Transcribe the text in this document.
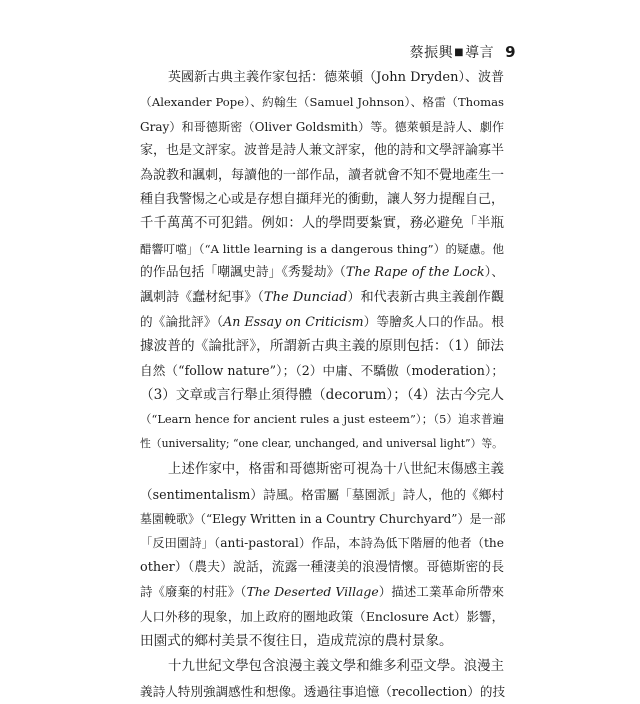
蔡振興■導言 9
英國新古典主義作家包括：德萊頓（John Dryden）、波普
（Alexander Pope）、約翰生（Samuel Johnson）、格雷（Thomas
Gray）和哥德斯密（Oliver Goldsmith）等。德萊頓是詩人、劇作
家，也是文評家。波普是詩人兼文評家，他的詩和文學評論寡半
為說教和諷刺，每讀他的一部作品，讀者就會不知不覺地產生一
種自我警惕之心或是存想自擷拜光的衝動，讓人努力提醒自己，
千千萬萬不可犯錯。例如：人的學問要紮實，務必避免「半瓶
醋響叮噹」（“A little learning is a dangerous thing”）的疑慮。他
的作品包括「嘲諷史詩」《秀髮劫》（The Rape of the Lock）、
諷刺詩《蠢材紀事》（The Dunciad）和代表新古典主義創作觀
的《論批評》（An Essay on Criticism）等膾炙人口的作品。根
據波普的《論批評》，所謂新古典主義的原則包括：（1）師法
自然（“follow nature”）；（2）中庸、不驕傲（moderation）；
（3）文章或言行舉止須得體（decorum）；（4）法古今完人
（“Learn hence for ancient rules a just esteem”）；（5）追求普遍
性（universality; “one clear, unchanged, and universal light”）等。
上述作家中，格雷和哥德斯密可視為十八世紀末傷感主義
（sentimentalism）詩風。格雷屬「墓園派」詩人，他的《鄉村
墓園輓歌》（“Elegy Written in a Country Churchyard”）是一部
「反田園詩」（anti-pastoral）作品，本詩為低下階層的他者（the
other）（農夫）說話，流露一種淒美的浪漫情懷。哥德斯密的長
詩《廢棄的村莊》（The Deserted Village）描述工業革命所帶來
人口外移的現象，加上政府的圈地政策（Enclosure Act）影響，
田園式的鄉村美景不復往日，造成荒涼的農村景象。
十九世紀文學包含浪漫主義文學和維多利亞文學。浪漫主
義詩人特別強調感性和想像。透過往事追憶（recollection）的技
